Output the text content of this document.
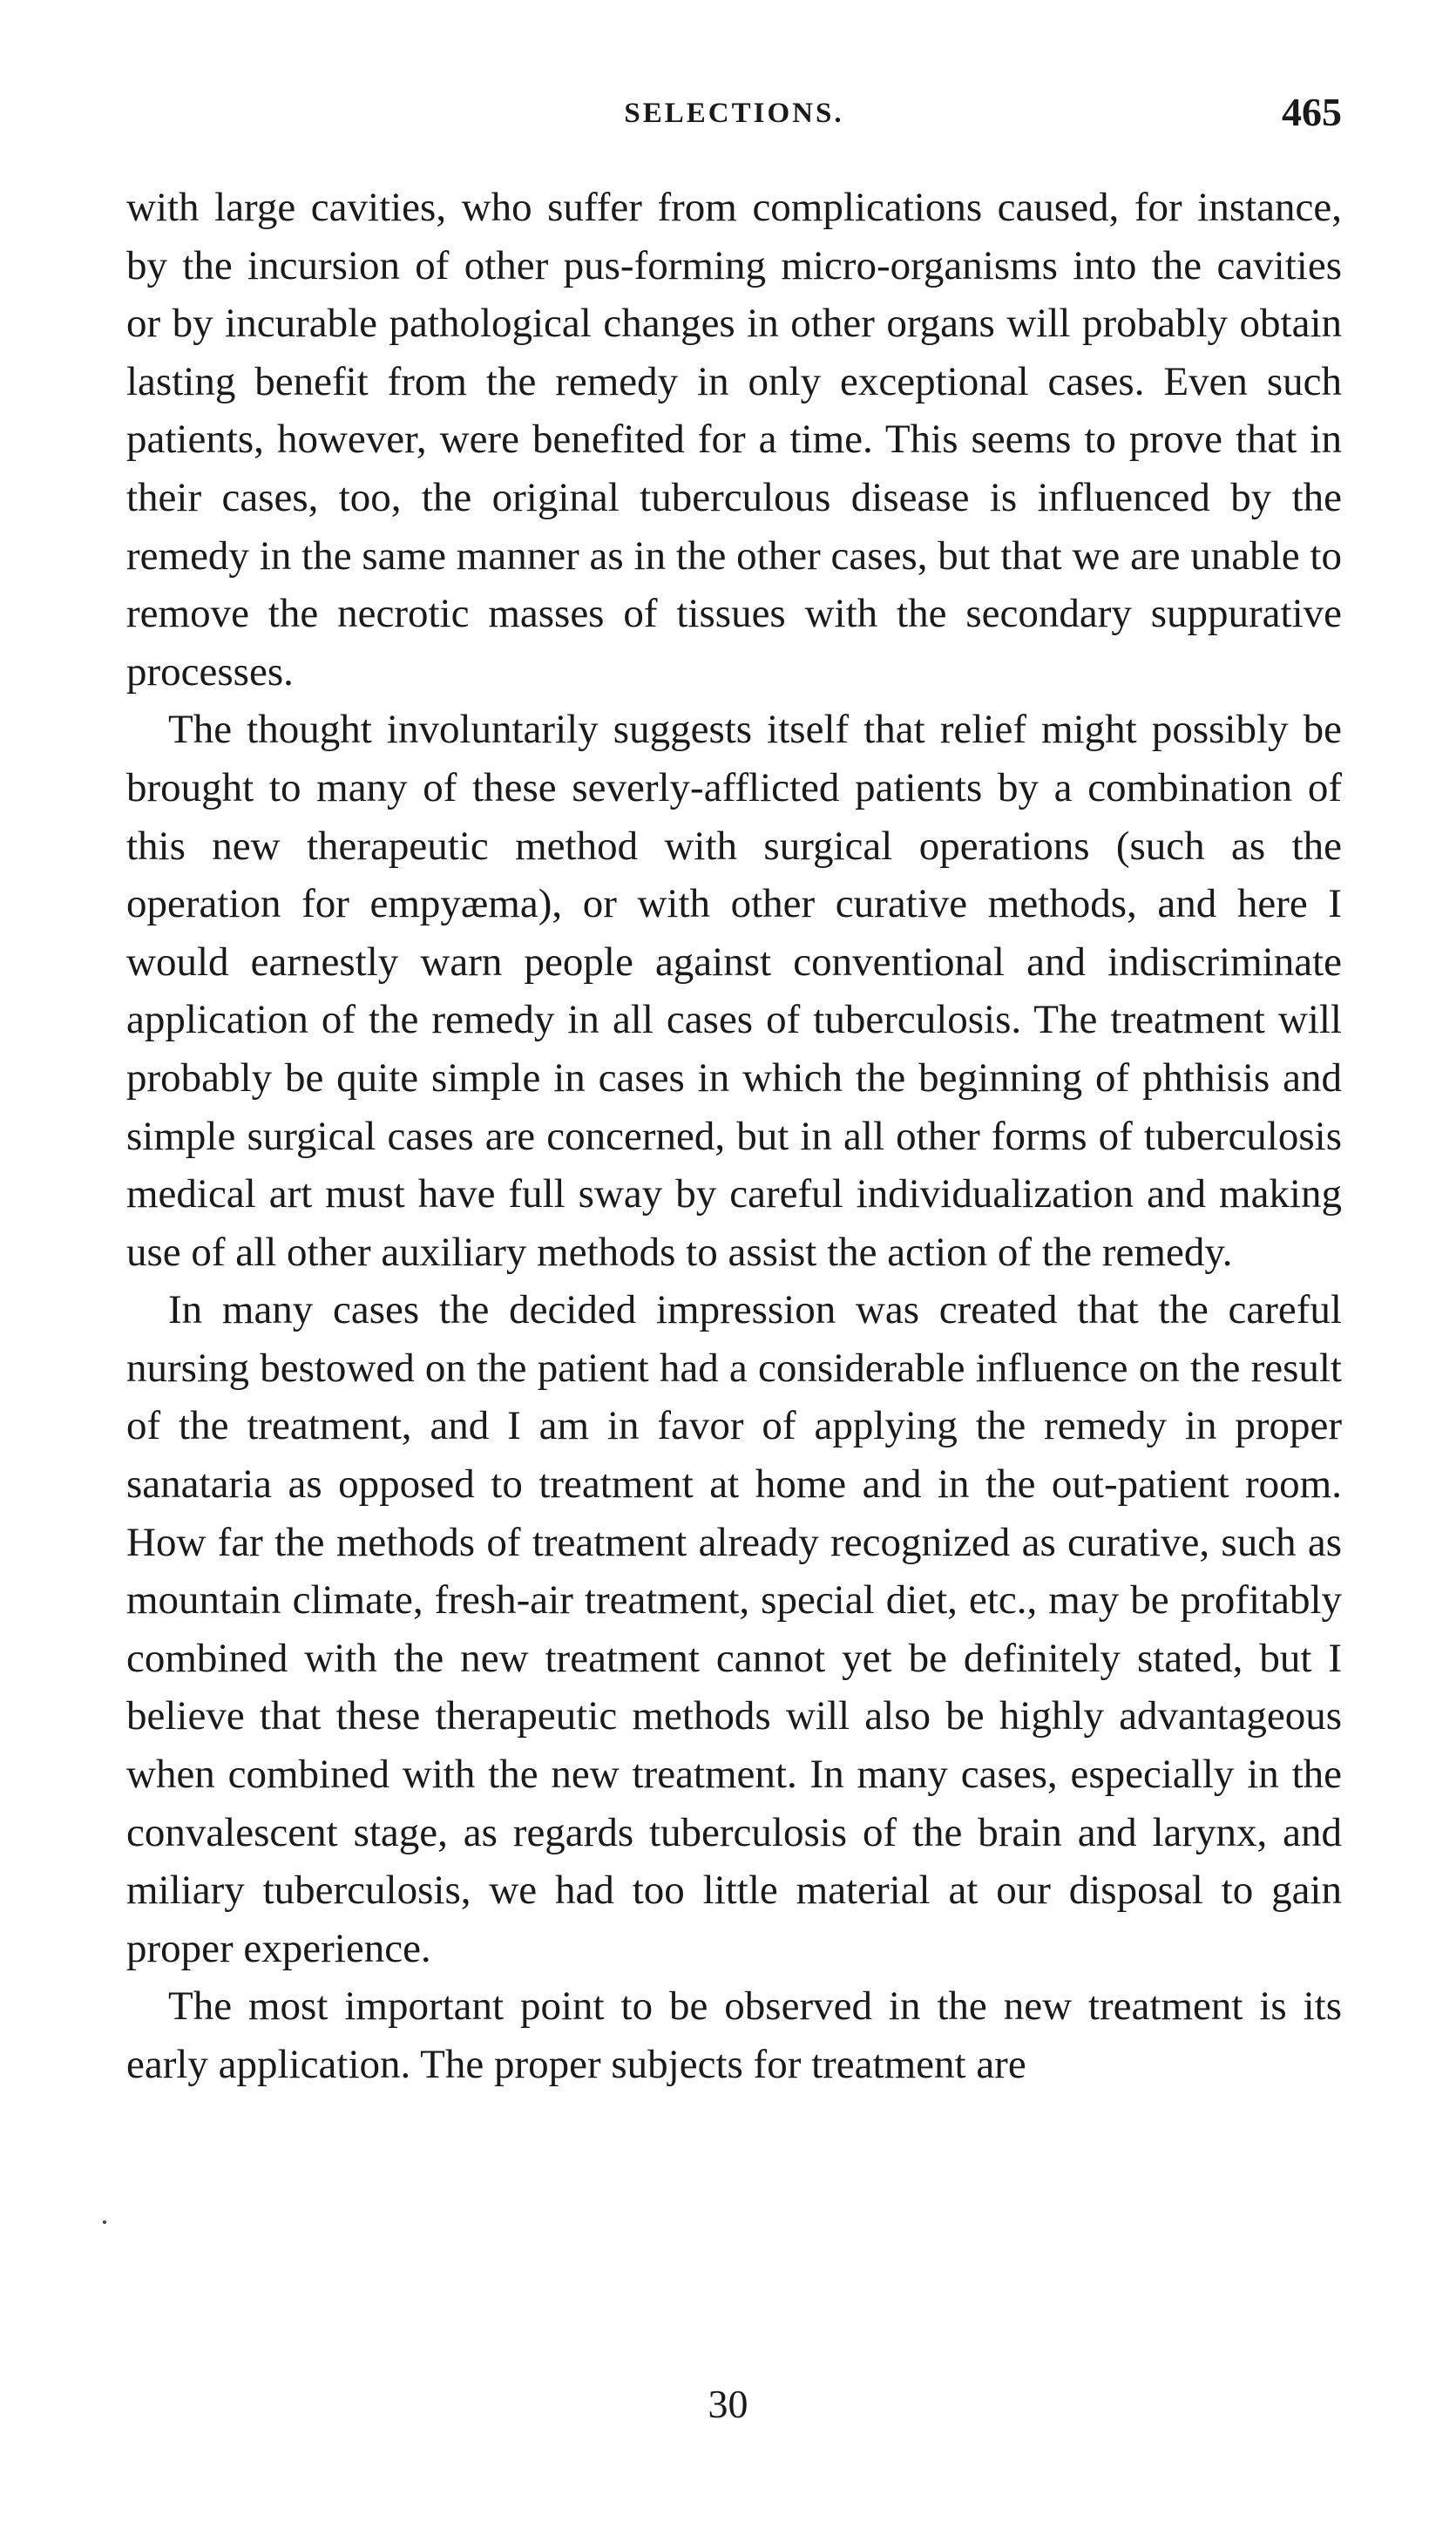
SELECTIONS.	465

with large cavities, who suffer from complications caused, for instance, by the incursion of other pus-forming micro-organisms into the cavities or by incurable pathological changes in other organs will probably obtain lasting benefit from the remedy in only exceptional cases. Even such patients, however, were benefited for a time. This seems to prove that in their cases, too, the original tuberculous disease is influenced by the remedy in the same manner as in the other cases, but that we are unable to remove the necrotic masses of tissues with the secondary suppurative processes.

The thought involuntarily suggests itself that relief might possibly be brought to many of these severly-afflicted patients by a combination of this new therapeutic method with surgical operations (such as the operation for empyæma), or with other curative methods, and here I would earnestly warn people against conventional and indiscriminate application of the remedy in all cases of tuberculosis. The treatment will probably be quite simple in cases in which the beginning of phthisis and simple surgical cases are concerned, but in all other forms of tuberculosis medical art must have full sway by careful individualization and making use of all other auxiliary methods to assist the action of the remedy.

In many cases the decided impression was created that the careful nursing bestowed on the patient had a considerable influence on the result of the treatment, and I am in favor of applying the remedy in proper sanataria as opposed to treatment at home and in the out-patient room. How far the methods of treatment already recognized as curative, such as mountain climate, fresh-air treatment, special diet, etc., may be profitably combined with the new treatment cannot yet be definitely stated, but I believe that these therapeutic methods will also be highly advantageous when combined with the new treatment. In many cases, especially in the convalescent stage, as regards tuberculosis of the brain and larynx, and miliary tuberculosis, we had too little material at our disposal to gain proper experience.

The most important point to be observed in the new treatment is its early application. The proper subjects for treatment are

30
